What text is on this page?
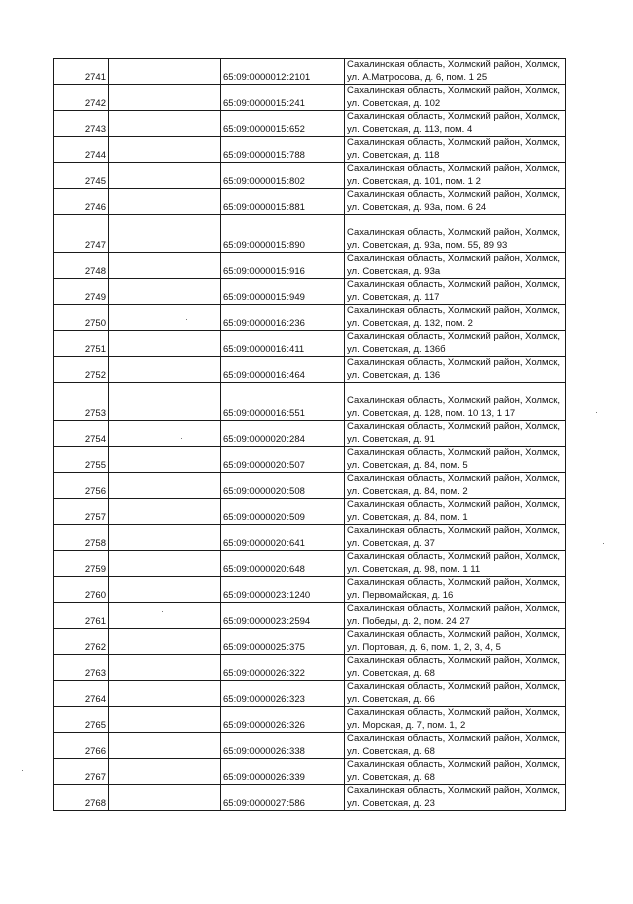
2741		65:09:0000012:2101	Сахалинская область, Холмский район, Холмск,
ул. А.Матросова, д. 6, пом. 1 25

2742		65:09:0000015:241	Сахалинская область, Холмский район, Холмск,
ул. Советская, д. 102

2743		65:09:0000015:652	Сахалинская область, Холмский район, Холмск,
ул. Советская, д. 113, пом. 4

2744		65:09:0000015:788	Сахалинская область, Холмский район, Холмск,
ул. Советская, д. 118

2745		65:09:0000015:802	Сахалинская область, Холмский район, Холмск,
ул. Советская, д. 101, пом. 1 2

2746		65:09:0000015:881	Сахалинская область, Холмский район, Холмск,
ул. Советская, д. 93а, пом. 6 24

2747		65:09:0000015:890	Сахалинская область, Холмский район, Холмск,
ул. Советская, д. 93а, пом. 55, 89 93

2748		65:09:0000015:916	Сахалинская область, Холмский район, Холмск,
ул. Советская, д. 93а

2749		65:09:0000015:949	Сахалинская область, Холмский район, Холмск,
ул. Советская, д. 117

2750		65:09:0000016:236	Сахалинская область, Холмский район, Холмск,
ул. Советская, д. 132, пом. 2

2751		65:09:0000016:411	Сахалинская область, Холмский район, Холмск,
ул. Советская, д. 136б

2752		65:09:0000016:464	Сахалинская область, Холмский район, Холмск,
ул. Советская, д. 136

2753		65:09:0000016:551	Сахалинская область, Холмский район, Холмск,
ул. Советская, д. 128, пом. 10 13, 1 17

2754		65:09:0000020:284	Сахалинская область, Холмский район, Холмск,
ул. Советская, д. 91

2755		65:09:0000020:507	Сахалинская область, Холмский район, Холмск,
ул. Советская, д. 84, пом. 5

2756		65:09:0000020:508	Сахалинская область, Холмский район, Холмск,
ул. Советская, д. 84, пом. 2

2757		65:09:0000020:509	Сахалинская область, Холмский район, Холмск,
ул. Советская, д. 84, пом. 1

2758		65:09:0000020:641	Сахалинская область, Холмский район, Холмск,
ул. Советская, д. 37

2759		65:09:0000020:648	Сахалинская область, Холмский район, Холмск,
ул. Советская, д. 98, пом. 1 11

2760		65:09:0000023:1240	Сахалинская область, Холмский район, Холмск,
ул. Первомайская, д. 16

2761		65:09:0000023:2594	Сахалинская область, Холмский район, Холмск,
ул. Победы, д. 2, пом. 24 27

2762		65:09:0000025:375	Сахалинская область, Холмский район, Холмск,
ул. Портовая, д. 6, пом. 1, 2, 3, 4, 5

2763		65:09:0000026:322	Сахалинская область, Холмский район, Холмск,
ул. Советская, д. 68

2764		65:09:0000026:323	Сахалинская область, Холмский район, Холмск,
ул. Советская, д. 66

2765		65:09:0000026:326	Сахалинская область, Холмский район, Холмск,
ул. Морская, д. 7, пом. 1, 2

2766		65:09:0000026:338	Сахалинская область, Холмский район, Холмск,
ул. Советская, д. 68

2767		65:09:0000026:339	Сахалинская область, Холмский район, Холмск,
ул. Советская, д. 68

2768		65:09:0000027:586	Сахалинская область, Холмский район, Холмск,
ул. Советская, д. 23
